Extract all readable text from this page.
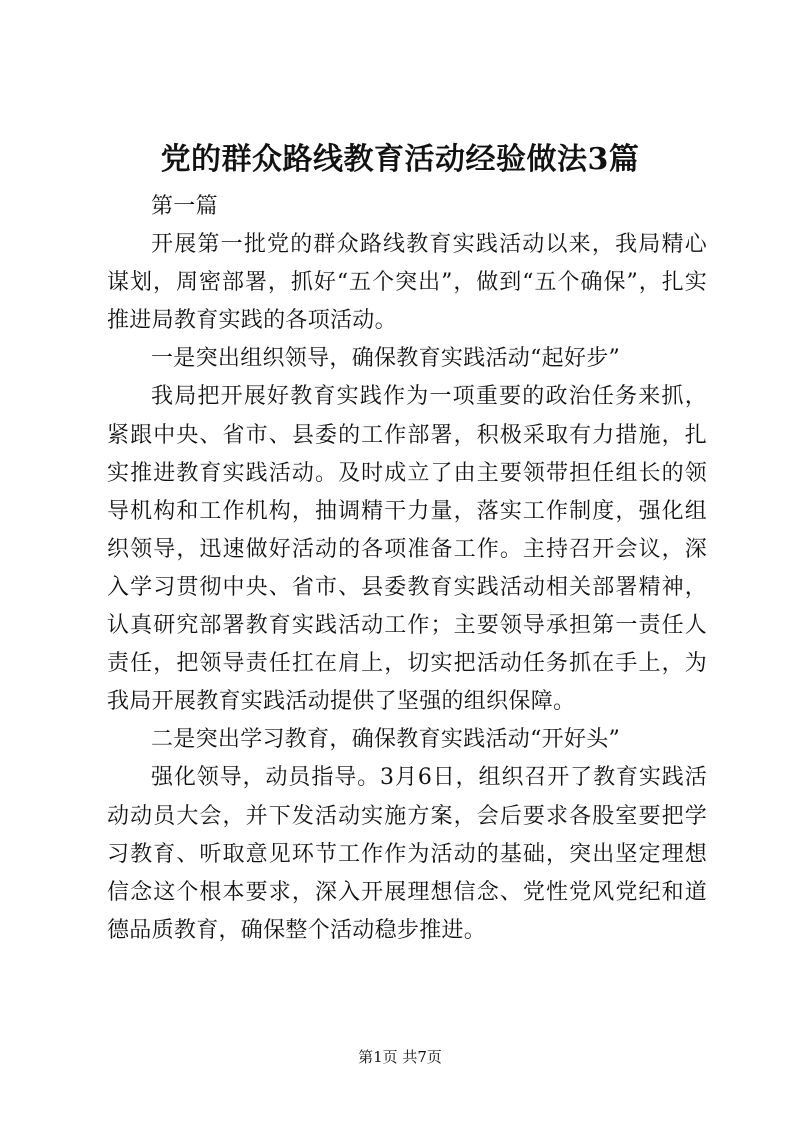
党的群众路线教育活动经验做法3篇

第一篇

开展第一批党的群众路线教育实践活动以来，我局精心谋划，周密部署，抓好“五个突出”，做到“五个确保”，扎实推进局教育实践的各项活动。

一是突出组织领导，确保教育实践活动“起好步”

我局把开展好教育实践作为一项重要的政治任务来抓，紧跟中央、省市、县委的工作部署，积极采取有力措施，扎实推进教育实践活动。及时成立了由主要领带担任组长的领导机构和工作机构，抽调精干力量，落实工作制度，强化组织领导，迅速做好活动的各项准备工作。主持召开会议，深入学习贯彻中央、省市、县委教育实践活动相关部署精神，认真研究部署教育实践活动工作；主要领导承担第一责任人责任，把领导责任扛在肩上，切实把活动任务抓在手上，为我局开展教育实践活动提供了坚强的组织保障。

二是突出学习教育，确保教育实践活动“开好头”

强化领导，动员指导。3月6日，组织召开了教育实践活动动员大会，并下发活动实施方案，会后要求各股室要把学习教育、听取意见环节工作作为活动的基础，突出坚定理想信念这个根本要求，深入开展理想信念、党性党风党纪和道德品质教育，确保整个活动稳步推进。

第1页 共7页
